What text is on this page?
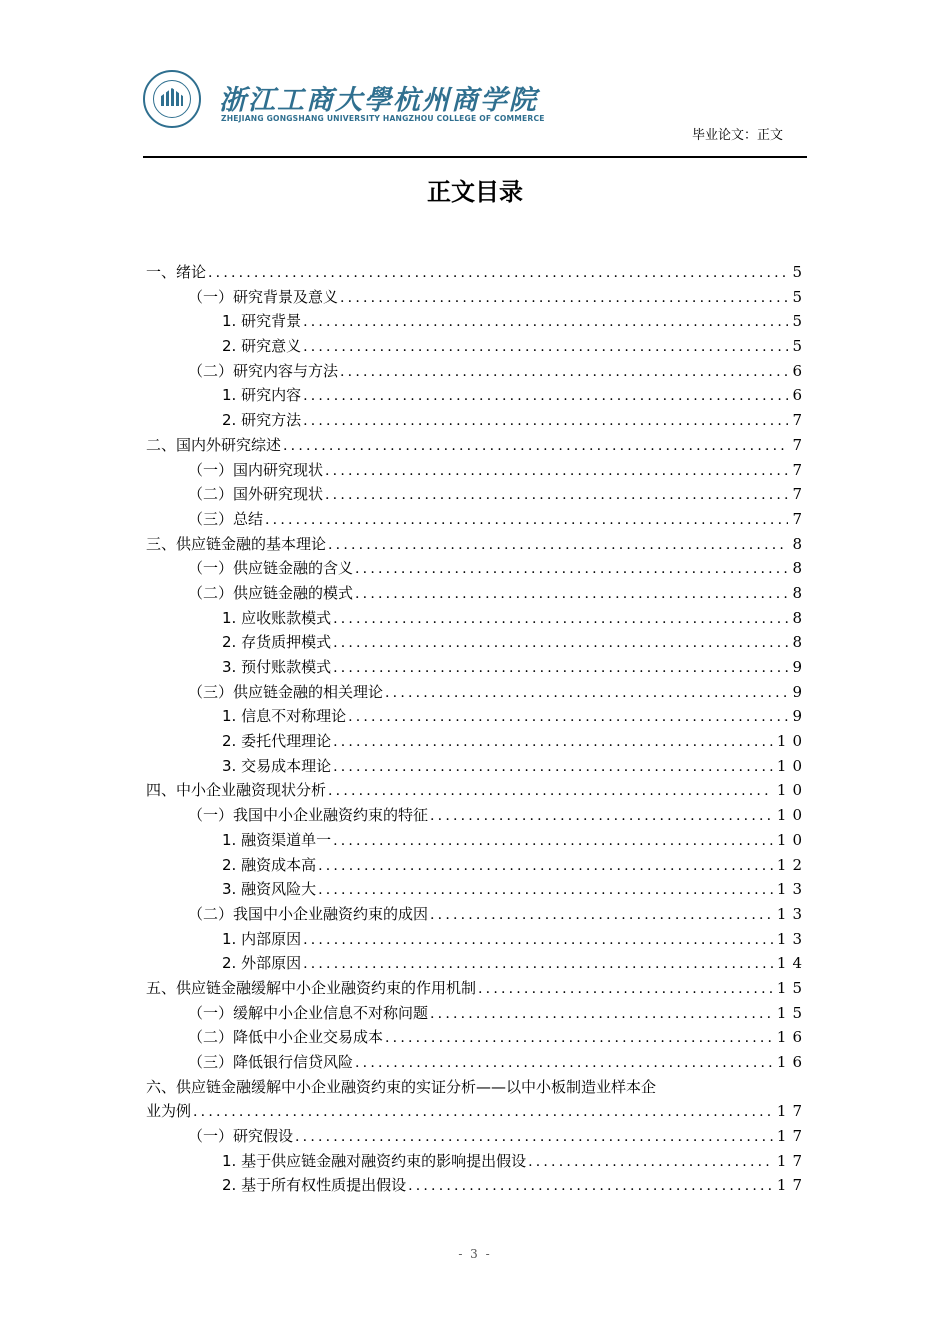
浙江工商大學杭州商学院
ZHEJIANG GONGSHANG UNIVERSITY HANGZHOU COLLEGE OF COMMERCE
毕业论文：正文
正文目录
一、绪论 .....	5
（一）研究背景及意义 .....	5
1. 研究背景 .....	5
2. 研究意义 .....	5
（二）研究内容与方法 .....	6
1. 研究内容 .....	6
2. 研究方法 .....	7
二、国内外研究综述 .....	7
（一）国内研究现状 .....	7
（二）国外研究现状 .....	7
（三）总结 .....	7
三、供应链金融的基本理论 .....	8
（一）供应链金融的含义 .....	8
（二）供应链金融的模式 .....	8
1. 应收账款模式 .....	8
2. 存货质押模式 .....	8
3. 预付账款模式 .....	9
（三）供应链金融的相关理论 .....	9
1. 信息不对称理论 .....	9
2. 委托代理理论 .....	10
3. 交易成本理论 .....	10
四、中小企业融资现状分析 .....	10
（一）我国中小企业融资约束的特征 .....	10
1. 融资渠道单一 .....	10
2. 融资成本高 .....	12
3. 融资风险大 .....	13
（二）我国中小企业融资约束的成因 .....	13
1. 内部原因 .....	13
2. 外部原因 .....	14
五、供应链金融缓解中小企业融资约束的作用机制 .....	15
（一）缓解中小企业信息不对称问题 .....	15
（二）降低中小企业交易成本 .....	16
（三）降低银行信贷风险 .....	16
六、供应链金融缓解中小企业融资约束的实证分析——以中小板制造业样本企
业为例 .....	17
（一）研究假设 .....	17
1. 基于供应链金融对融资约束的影响提出假设 .....	17
2. 基于所有权性质提出假设 .....	17
- 3 -
